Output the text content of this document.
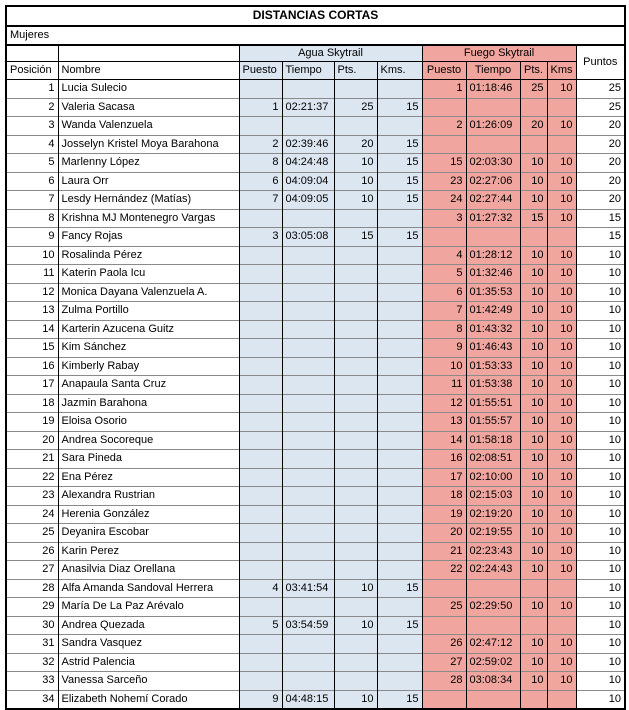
DISTANCIAS CORTAS										
Mujeres										
		Agua Skytrail				Fuego Skytrail				Puntos
Posición	Nombre	Puesto	Tiempo	Pts.	Kms.	Puesto	Tiempo	Pts.	Kms	
1	Lucia Sulecio					1	01:18:46	25	10	25
2	Valeria Sacasa	1	02:21:37	25	15					25
3	Wanda Valenzuela					2	01:26:09	20	10	20
4	Josselyn Kristel Moya Barahona	2	02:39:46	20	15					20
5	Marlenny López	8	04:24:48	10	15	15	02:03:30	10	10	20
6	Laura Orr	6	04:09:04	10	15	23	02:27:06	10	10	20
7	Lesdy Hernández (Matías)	7	04:09:05	10	15	24	02:27:44	10	10	20
8	Krishna MJ Montenegro Vargas					3	01:27:32	15	10	15
9	Fancy Rojas	3	03:05:08	15	15					15
10	Rosalinda Pérez					4	01:28:12	10	10	10
11	Katerin Paola Icu					5	01:32:46	10	10	10
12	Monica Dayana Valenzuela A.					6	01:35:53	10	10	10
13	Zulma Portillo					7	01:42:49	10	10	10
14	Karterin Azucena Guitz					8	01:43:32	10	10	10
15	Kim Sánchez					9	01:46:43	10	10	10
16	Kimberly Rabay					10	01:53:33	10	10	10
17	Anapaula Santa Cruz					11	01:53:38	10	10	10
18	Jazmin Barahona					12	01:55:51	10	10	10
19	Eloisa Osorio					13	01:55:57	10	10	10
20	Andrea Socoreque					14	01:58:18	10	10	10
21	Sara Pineda					16	02:08:51	10	10	10
22	Ena Pérez					17	02:10:00	10	10	10
23	Alexandra Rustrian					18	02:15:03	10	10	10
24	Herenia González					19	02:19:20	10	10	10
25	Deyanira Escobar					20	02:19:55	10	10	10
26	Karin Perez					21	02:23:43	10	10	10
27	Anasilvia Diaz Orellana					22	02:24:43	10	10	10
28	Alfa Amanda Sandoval Herrera	4	03:41:54	10	15					10
29	María De La Paz Arévalo					25	02:29:50	10	10	10
30	Andrea Quezada	5	03:54:59	10	15					10
31	Sandra Vasquez					26	02:47:12	10	10	10
32	Astrid Palencia					27	02:59:02	10	10	10
33	Vanessa Sarceño					28	03:08:34	10	10	10
34	Elizabeth Nohemí Corado	9	04:48:15	10	15					10
